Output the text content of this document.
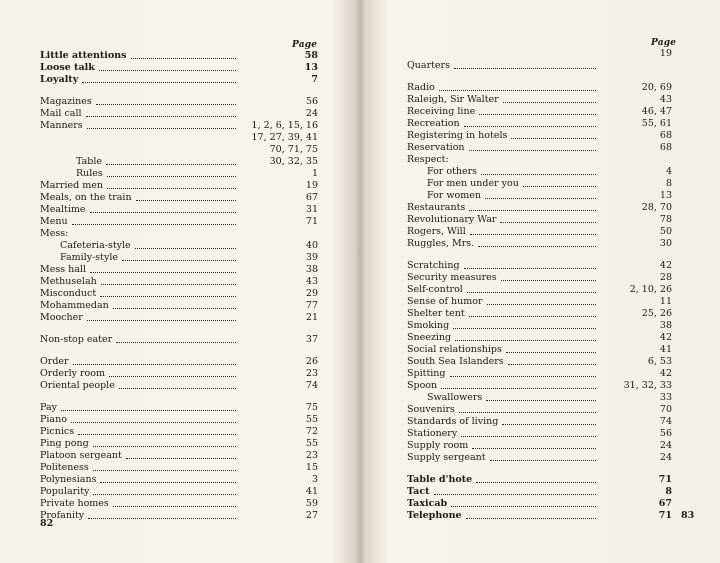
Page
Little attentions	58
Loose talk	13
Loyalty	7
Magazines	56
Mail call	24
Manners	1, 2, 6, 15, 16
17, 27, 39, 41
70, 71, 75
Table	30, 32, 35
Rules	1
Married men	19
Meals, on the train	67
Mealtime	31
Menu	71
Mess:
Cafeteria-style	40
Family-style	39
Mess hall	38
Methuselah	43
Misconduct	29
Mohammedan	77
Moocher	21
Non-stop eater	37
Order	26
Orderly room	23
Oriental people	74
Pay	75
Piano	55
Picnics	72
Ping pong	55
Platoon sergeant	23
Politeness	15
Polynesians	3
Popularity	41
Private homes	59
Profanity	27
82
Page
19
Quarters
Radio	20, 69
Raleigh, Sir Walter	43
Receiving line	46, 47
Recreation	55, 61
Registering in hotels	68
Reservation	68
Respect:
For others	4
For men under you	8
For women	13
Restaurants	28, 70
Revolutionary War	78
Rogers, Will	50
Ruggles, Mrs.	30
Scratching	42
Security measures	28
Self-control	2, 10, 26
Sense of humor	11
Shelter tent	25, 26
Smoking	38
Sneezing	42
Social relationships	41
South Sea Islanders	6, 53
Spitting	42
Spoon	31, 32, 33
Swallowers	33
Souvenirs	70
Standards of living	74
Stationery	56
Supply room	24
Supply sergeant	24
Table d'hote	71
Tact	8
Taxicab	67
Telephone	71 83
